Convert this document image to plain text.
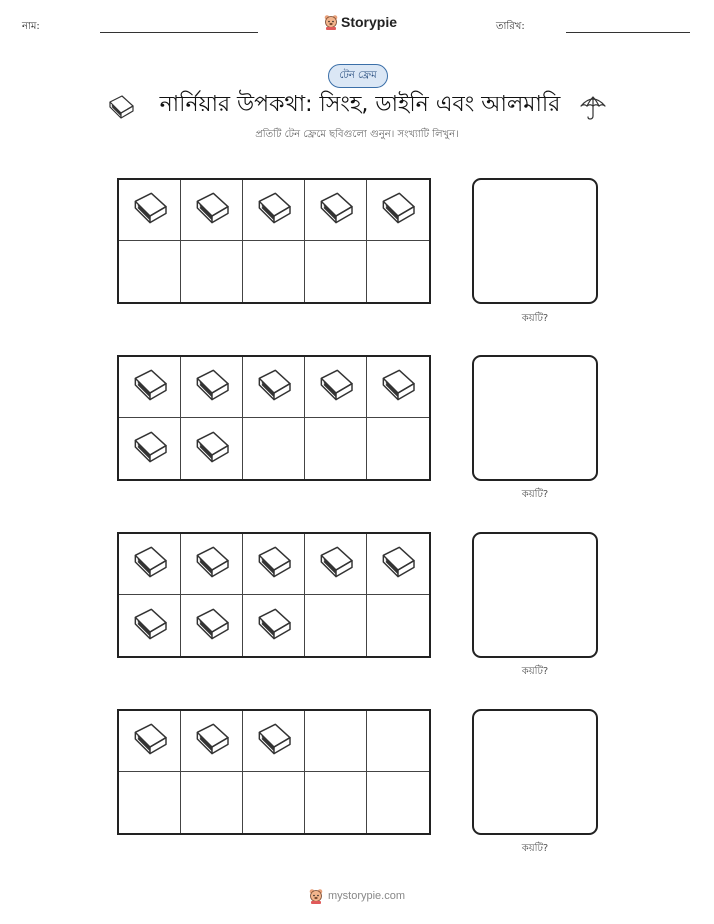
নাম:	Storypie	তারিখ:
টেন ফ্রেম
নার্নিয়ার উপকথা: সিংহ, ডাইনি এবং আলমারি
প্রতিটি টেন ফ্রেমে ছবিগুলো গুনুন। সংখ্যাটি লিখুন।
কয়টি?
কয়টি?
কয়টি?
কয়টি?
mystorypie.com
